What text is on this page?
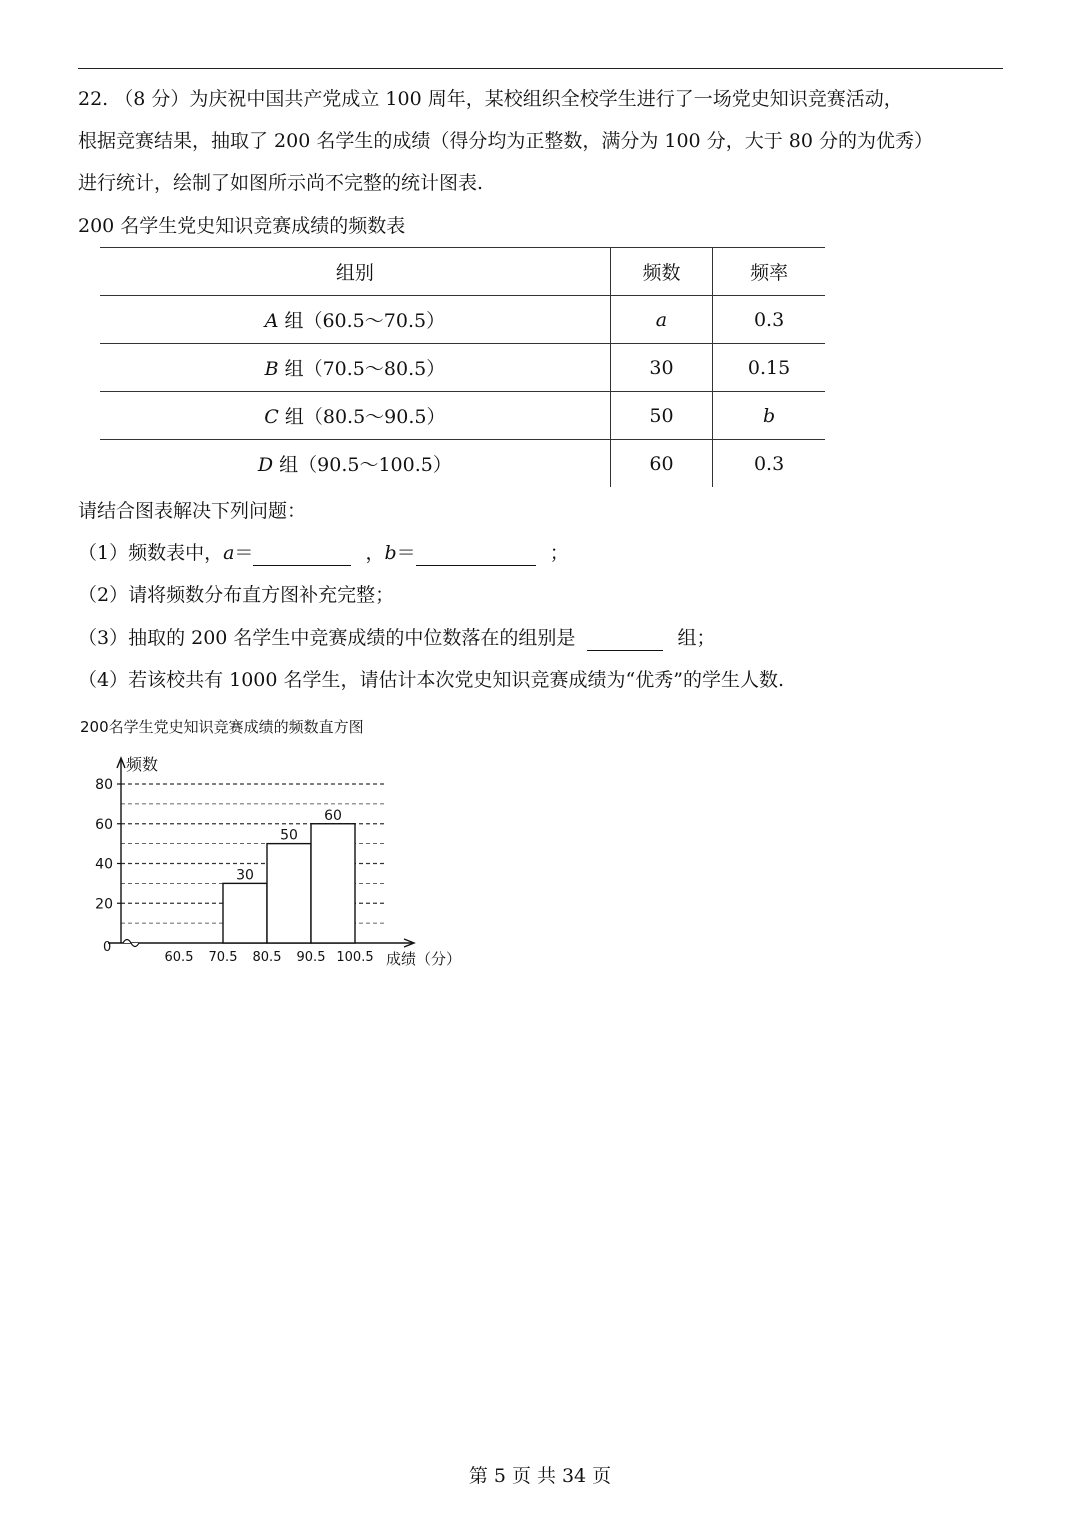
22. （8 分）为庆祝中国共产党成立 100 周年，某校组织全校学生进行了一场党史知识竞赛活动，
根据竞赛结果，抽取了 200 名学生的成绩（得分均为正整数，满分为 100 分，大于 80 分的为优秀）
进行统计，绘制了如图所示尚不完整的统计图表.
200 名学生党史知识竞赛成绩的频数表
组别	频数	频率
A 组（60.5～70.5）	a	0.3
B 组（70.5～80.5）	30	0.15
C 组（80.5～90.5）	50	b
D 组（90.5～100.5）	60	0.3
请结合图表解决下列问题：
（1）频数表中，a＝	，b＝	；
（2）请将频数分布直方图补充完整；
（3）抽取的 200 名学生中竞赛成绩的中位数落在的组别是	组；
（4）若该校共有 1000 名学生，请估计本次党史知识竞赛成绩为“优秀”的学生人数.
200名学生党史知识竞赛成绩的频数直方图
20
40
60
80
60.5 70.5 80.5 90.5 100.5
30
50
60
频数
成绩（分）
0
第 5 页 共 34 页
